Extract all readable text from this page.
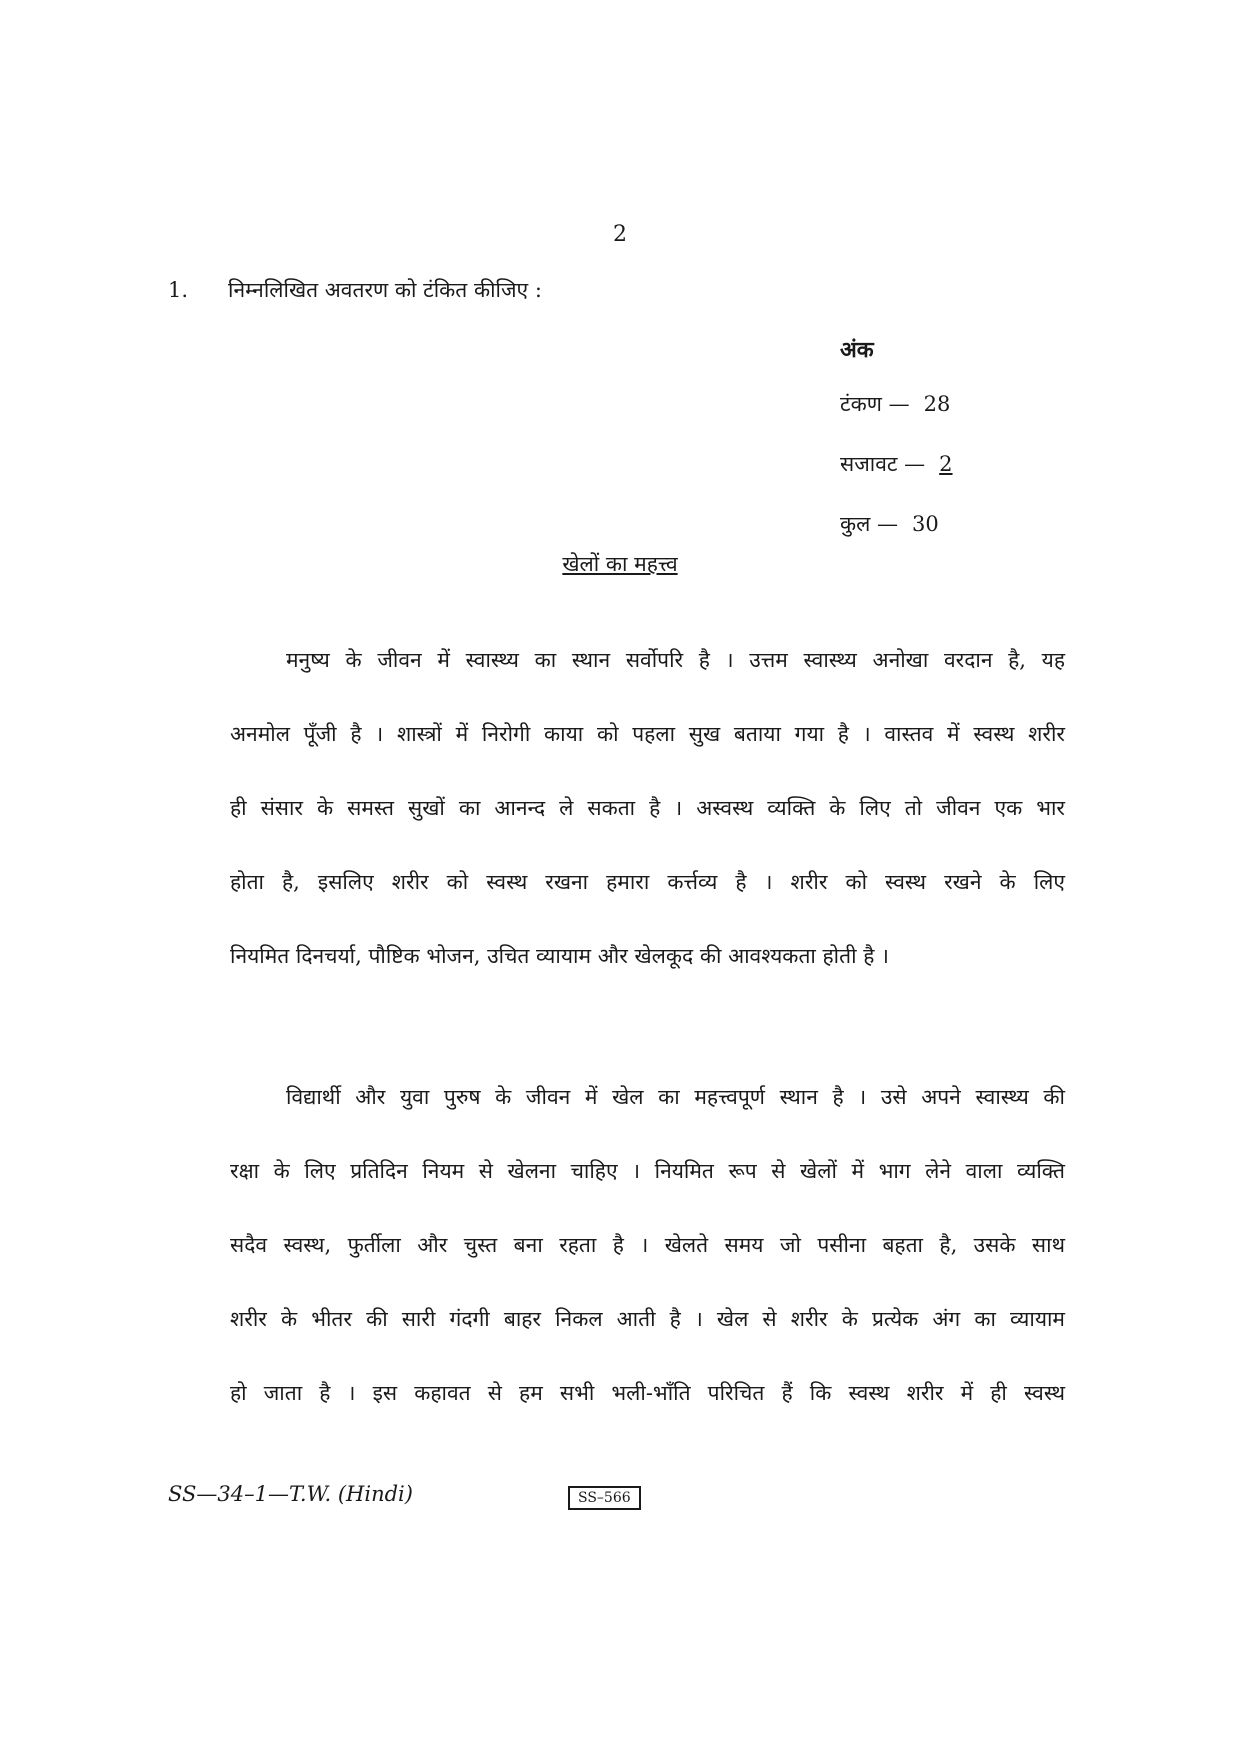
2
1. निम्नलिखित अवतरण को टंकित कीजिए :
अंक
टंकण — 28
सजावट — 2
कुल — 30
खेलों का महत्त्व
मनुष्य के जीवन में स्वास्थ्य का स्थान सर्वोपरि है । उत्तम स्वास्थ्य अनोखा वरदान है, यह
अनमोल पूँजी है । शास्त्रों में निरोगी काया को पहला सुख बताया गया है । वास्तव में स्वस्थ शरीर
ही संसार के समस्त सुखों का आनन्द ले सकता है । अस्वस्थ व्यक्ति के लिए तो जीवन एक भार
होता है, इसलिए शरीर को स्वस्थ रखना हमारा कर्त्तव्य है । शरीर को स्वस्थ रखने के लिए
नियमित दिनचर्या, पौष्टिक भोजन, उचित व्यायाम और खेलकूद की आवश्यकता होती है ।
विद्यार्थी और युवा पुरुष के जीवन में खेल का महत्त्वपूर्ण स्थान है । उसे अपने स्वास्थ्य की
रक्षा के लिए प्रतिदिन नियम से खेलना चाहिए । नियमित रूप से खेलों में भाग लेने वाला व्यक्ति
सदैव स्वस्थ, फुर्तीला और चुस्त बना रहता है । खेलते समय जो पसीना बहता है, उसके साथ
शरीर के भीतर की सारी गंदगी बाहर निकल आती है । खेल से शरीर के प्रत्येक अंग का व्यायाम
हो जाता है । इस कहावत से हम सभी भली-भाँति परिचित हैं कि स्वस्थ शरीर में ही स्वस्थ
SS—34–1—T.W. (Hindi)	SS–566
